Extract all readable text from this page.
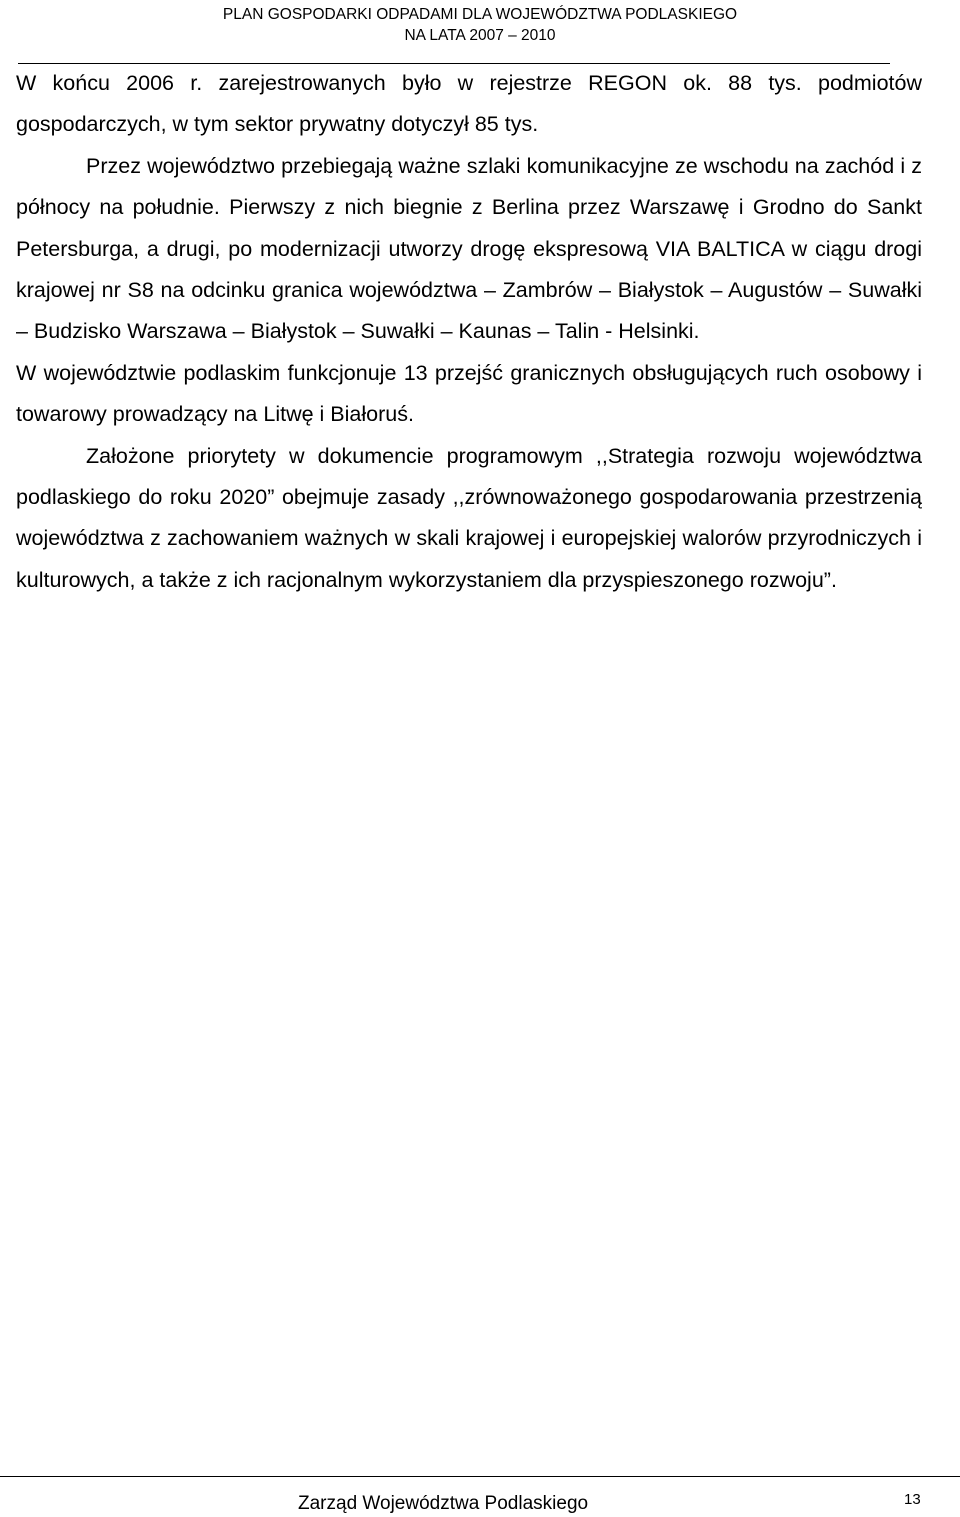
PLAN GOSPODARKI ODPADAMI DLA WOJEWÓDZTWA PODLASKIEGO
NA LATA 2007 – 2010

W końcu 2006 r. zarejestrowanych było w rejestrze REGON ok. 88 tys. podmiotów gospodarczych, w tym sektor prywatny dotyczył 85 tys.

Przez województwo przebiegają ważne szlaki komunikacyjne ze wschodu na zachód i z północy na południe. Pierwszy z nich biegnie z Berlina przez Warszawę i Grodno do Sankt Petersburga, a drugi, po modernizacji utworzy drogę ekspresową VIA BALTICA w ciągu drogi krajowej nr S8 na odcinku granica województwa – Zambrów – Białystok – Augustów – Suwałki – Budzisko Warszawa – Białystok – Suwałki – Kaunas – Talin - Helsinki.

W województwie podlaskim funkcjonuje 13 przejść granicznych obsługujących ruch osobowy i towarowy prowadzący na Litwę i Białoruś.

Założone priorytety w dokumencie programowym ,,Strategia rozwoju województwa podlaskiego do roku 2020” obejmuje zasady ,,zrównoważonego gospodarowania przestrzenią województwa z zachowaniem ważnych w skali krajowej i europejskiej walorów przyrodniczych i kulturowych, a także z ich racjonalnym wykorzystaniem dla przyspieszonego rozwoju”.

Zarząd Województwa Podlaskiego	13
